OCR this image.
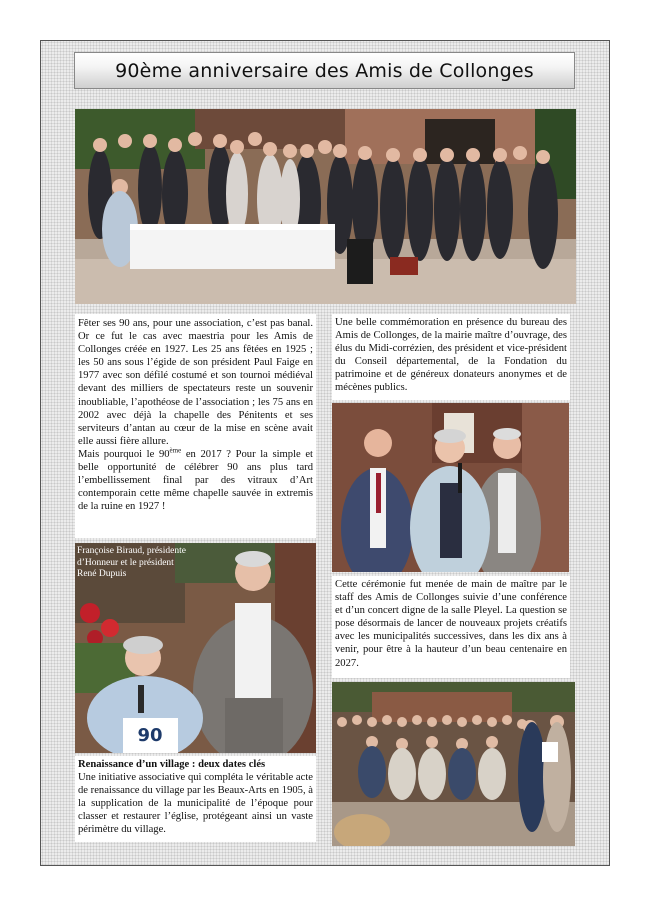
90ème anniversaire des Amis de Collonges

Fêter ses 90 ans, pour une association, c’est pas banal. Or ce fut le cas avec maestria pour les Amis de Collonges créée en 1927. Les 25 ans fêtées en 1925 ; les 50 ans sous l’égide de son président Paul Faige en 1977 avec son défilé costumé et son tournoi médiéval devant des milliers de spectateurs reste un souvenir inoubliable, l’apothéose de l’association ; les 75 ans en 2002 avec déjà la chapelle des Pénitents et ses serviteurs d’antan au cœur de la mise en scène avait elle aussi fière allure.

Mais pourquoi le 90ème en 2017 ? Pour la simple et belle opportunité de célébrer 90 ans plus tard l’embellissement final par des vitraux d’Art contemporain cette même chapelle sauvée in extremis de la ruine en 1927 !

90
Françoise Biraud, présidente d’Honneur et le président René Dupuis

Renaissance d’un village : deux dates clés

Une initiative associative qui compléta le véritable acte de renaissance du village par les Beaux-Arts en 1905, à la supplication de la municipalité de l’époque pour classer et restaurer l’église, protégeant ainsi un vaste périmètre du village.

Une belle commémoration en présence du bureau des Amis de Collonges, de la mairie maître d’ouvrage, des élus du Midi-corrézien, des président et vice-président du Conseil départemental, de la Fondation du patrimoine et de généreux donateurs anonymes et de mécènes publics.

Cette cérémonie fut menée de main de maître par le staff des Amis de Collonges suivie d’une conférence et d’un concert digne de la salle Pleyel. La question se pose désormais de lancer de nouveaux projets créatifs avec les municipalités successives, dans les dix ans à venir, pour être à la hauteur d’un beau centenaire en 2027.
